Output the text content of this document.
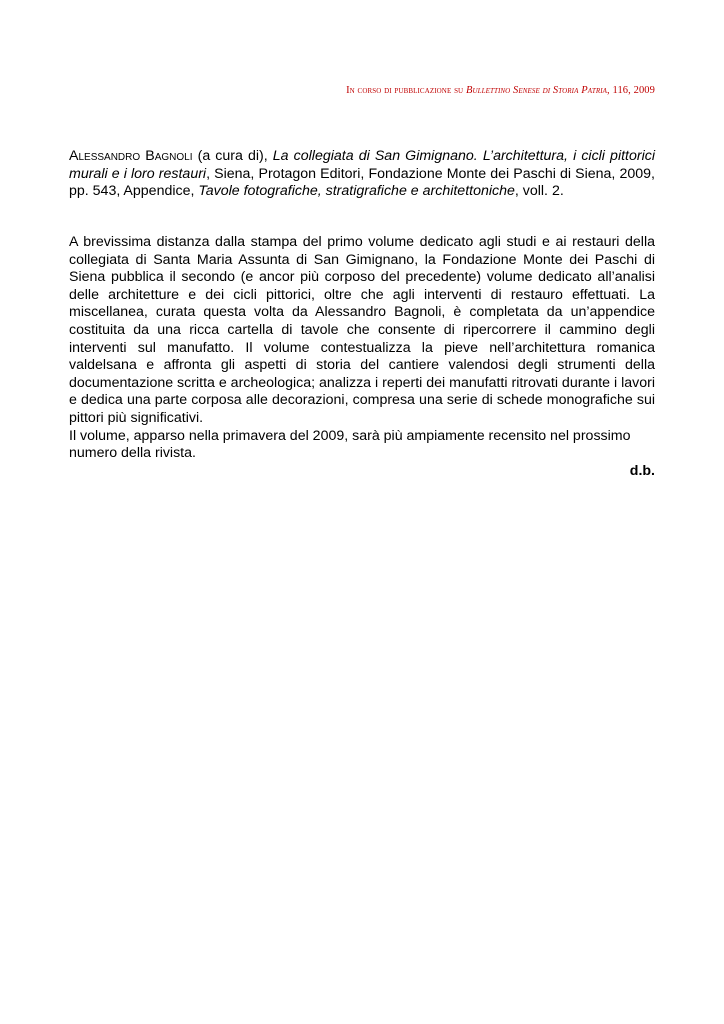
In corso di pubblicazione su Bullettino Senese di Storia Patria, 116, 2009

Alessandro Bagnoli (a cura di), La collegiata di San Gimignano. L’architettura, i cicli pittorici murali e i loro restauri, Siena, Protagon Editori, Fondazione Monte dei Paschi di Siena, 2009, pp. 543, Appendice, Tavole fotografiche, stratigrafiche e architettoniche, voll. 2.

A brevissima distanza dalla stampa del primo volume dedicato agli studi e ai restauri della collegiata di Santa Maria Assunta di San Gimignano, la Fondazione Monte dei Paschi di Siena pubblica il secondo (e ancor più corposo del precedente) volume dedicato all’analisi delle architetture e dei cicli pittorici, oltre che agli interventi di restauro effettuati. La miscellanea, curata questa volta da Alessandro Bagnoli, è completata da un’appendice costituita da una ricca cartella di tavole che consente di ripercorrere il cammino degli interventi sul manufatto. Il volume contestualizza la pieve nell’architettura romanica valdelsana e affronta gli aspetti di storia del cantiere valendosi degli strumenti della documentazione scritta e archeologica; analizza i reperti dei manufatti ritrovati durante i lavori e dedica una parte corposa alle decorazioni, compresa una serie di schede monografiche sui pittori più significativi.

Il volume, apparso nella primavera del 2009, sarà più ampiamente recensito nel prossimo numero della rivista.

d.b.
